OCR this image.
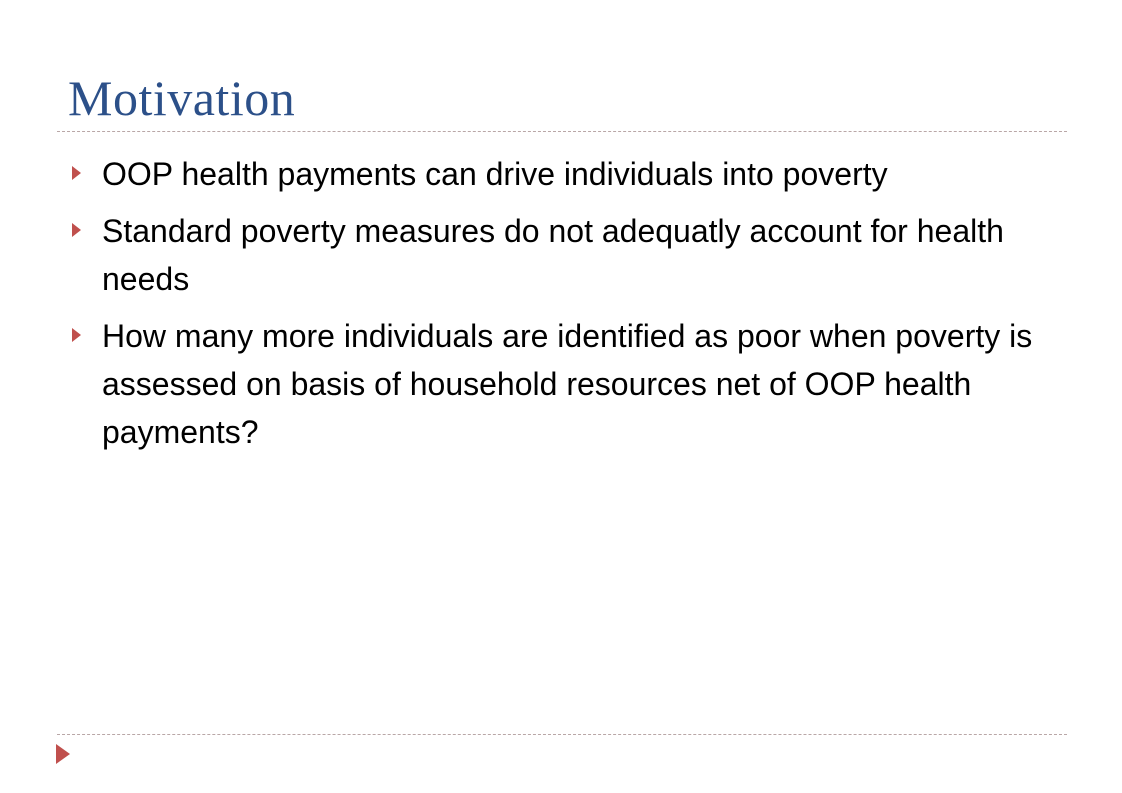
Motivation
OOP health payments can drive individuals into poverty
Standard poverty measures do not adequatly account for health needs
How many more individuals are identified as poor when poverty is assessed on basis of household resources net of OOP health payments?
